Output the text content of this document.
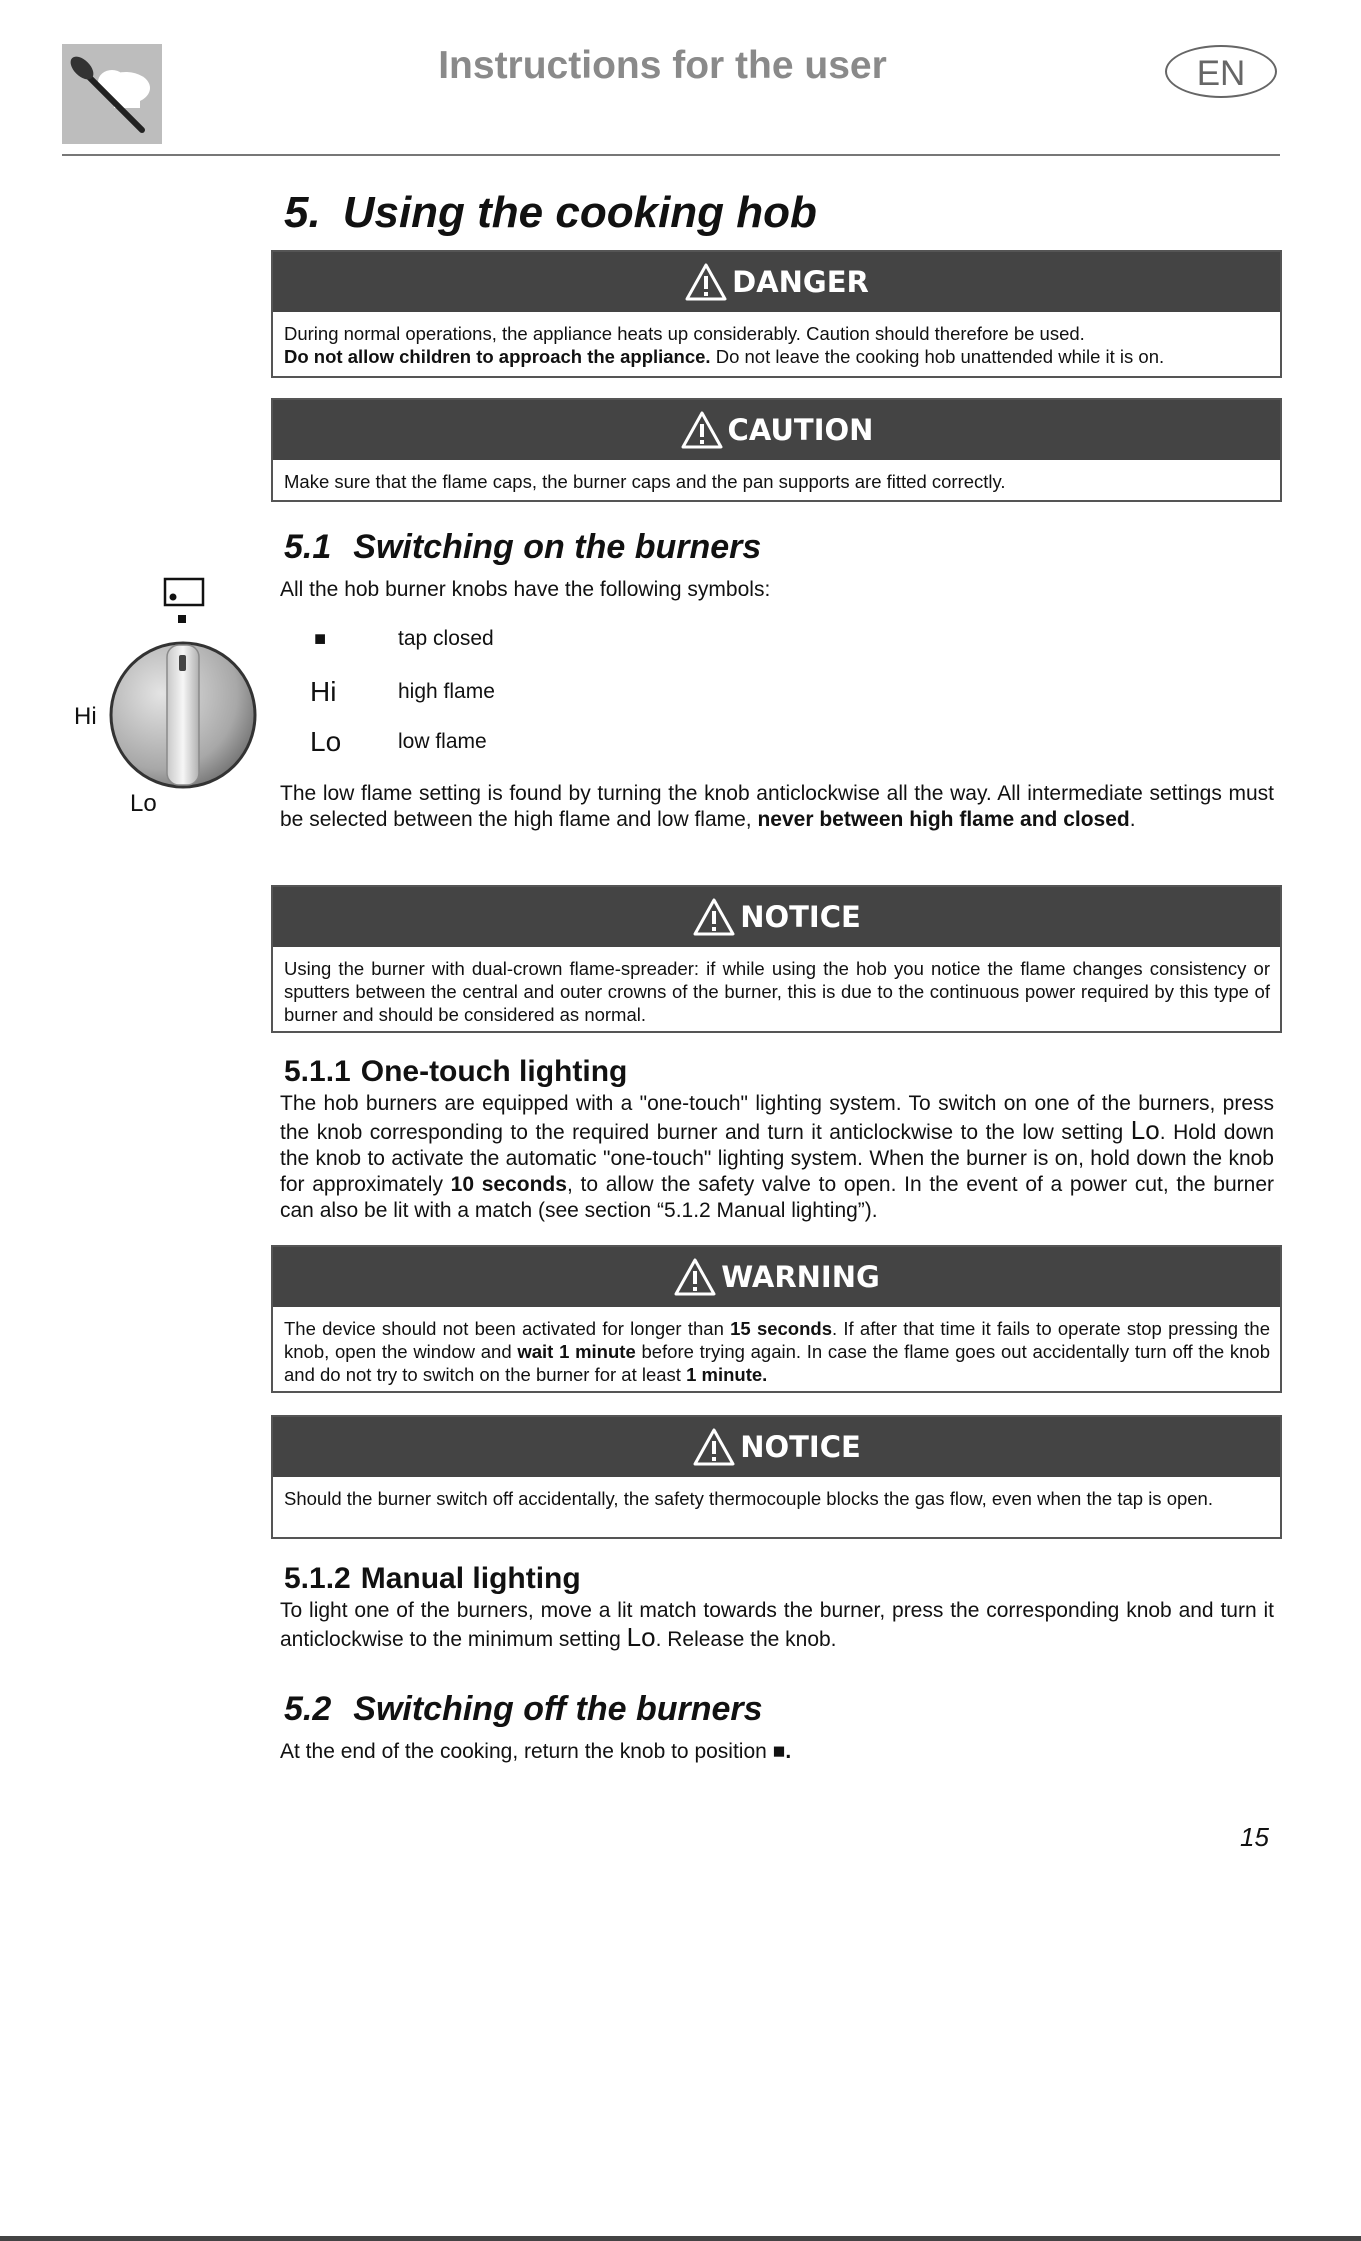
Instructions for the user	EN
5. Using the cooking hob
DANGER
During normal operations, the appliance heats up considerably. Caution should therefore be used.
Do not allow children to approach the appliance. Do not leave the cooking hob unattended while it is on.
CAUTION
Make sure that the flame caps, the burner caps and the pan supports are fitted correctly.
5.1 Switching on the burners
All the hob burner knobs have the following symbols:
■	tap closed
Hi	high flame
Lo	low flame
The low flame setting is found by turning the knob anticlockwise all the way. All intermediate settings must be selected between the high flame and low flame, never between high flame and closed.
Hi
Lo
NOTICE
Using the burner with dual-crown flame-spreader: if while using the hob you notice the flame changes consistency or sputters between the central and outer crowns of the burner, this is due to the continuous power required by this type of burner and should be considered as normal.
5.1.1 One-touch lighting
The hob burners are equipped with a "one-touch" lighting system. To switch on one of the burners, press the knob corresponding to the required burner and turn it anticlockwise to the low setting Lo. Hold down the knob to activate the automatic "one-touch" lighting system. When the burner is on, hold down the knob for approximately 10 seconds, to allow the safety valve to open. In the event of a power cut, the burner can also be lit with a match (see section “5.1.2 Manual lighting”).
WARNING
The device should not been activated for longer than 15 seconds. If after that time it fails to operate stop pressing the knob, open the window and wait 1 minute before trying again. In case the flame goes out accidentally turn off the knob and do not try to switch on the burner for at least 1 minute.
NOTICE
Should the burner switch off accidentally, the safety thermocouple blocks the gas flow, even when the tap is open.
5.1.2 Manual lighting
To light one of the burners, move a lit match towards the burner, press the corresponding knob and turn it anticlockwise to the minimum setting Lo. Release the knob.
5.2 Switching off the burners
At the end of the cooking, return the knob to position ■.
15
